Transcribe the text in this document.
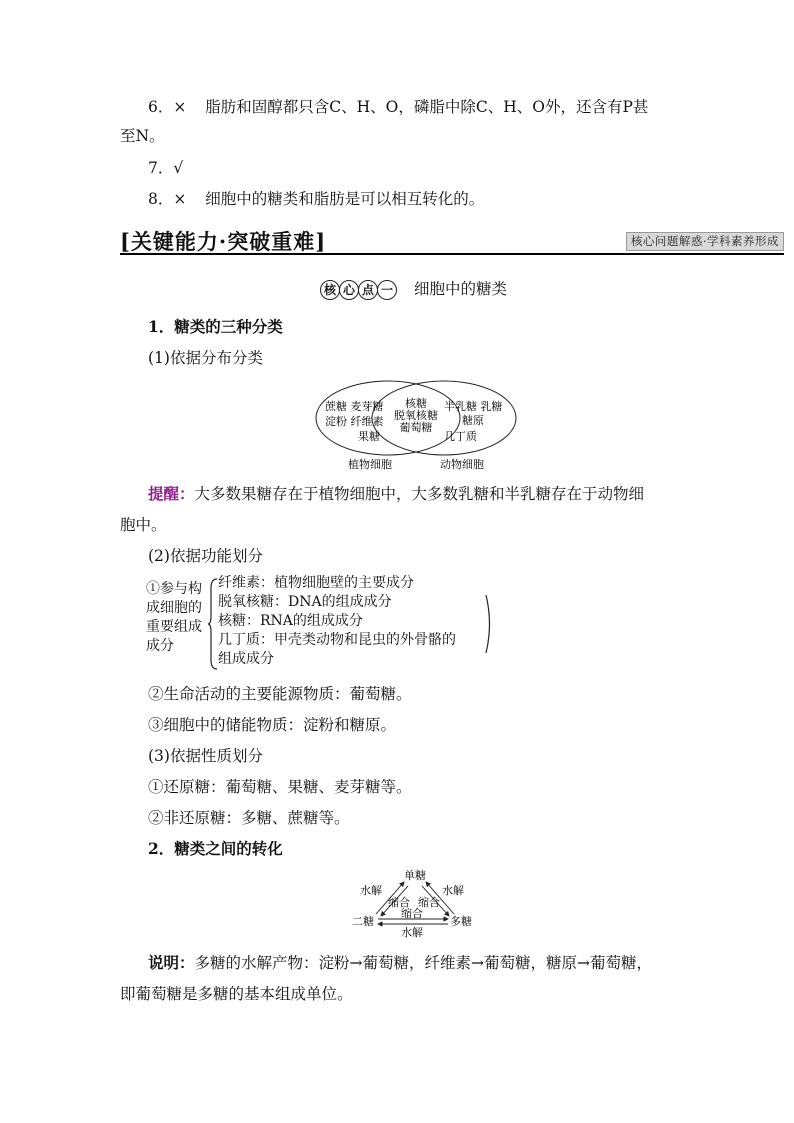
6．× 脂肪和固醇都只含C、H、O，磷脂中除C、H、O外，还含有P甚
至N。
7．√
8．× 细胞中的糖类和脂肪是可以相互转化的。
[关键能力·突破重难]	核心问题解惑·学科素养形成
核 心 点 一 细胞中的糖类
1．糖类的三种分类
(1)依据分布分类
蔗糖 麦芽糖
淀粉 纤维素
果糖
核糖
脱氧核糖
葡萄糖
半乳糖 乳糖
糖原
几丁质
植物细胞	动物细胞
提醒：大多数果糖存在于植物细胞中，大多数乳糖和半乳糖存在于动物细
胞中。
(2)依据功能划分
①参与构
成细胞的
重要组成
成分
纤维素：植物细胞壁的主要成分
脱氧核糖：DNA的组成成分
核糖：RNA的组成成分
几丁质：甲壳类动物和昆虫的外骨骼的
组成成分
②生命活动的主要能源物质：葡萄糖。
③细胞中的储能物质：淀粉和糖原。
(3)依据性质划分
①还原糖：葡萄糖、果糖、麦芽糖等。
②非还原糖：多糖、蔗糖等。
2．糖类之间的转化
单糖
二糖	多糖
水解	水解
缩合 缩合
缩合
水解
说明：多糖的水解产物：淀粉→葡萄糖，纤维素→葡萄糖，糖原→葡萄糖，
即葡萄糖是多糖的基本组成单位。
